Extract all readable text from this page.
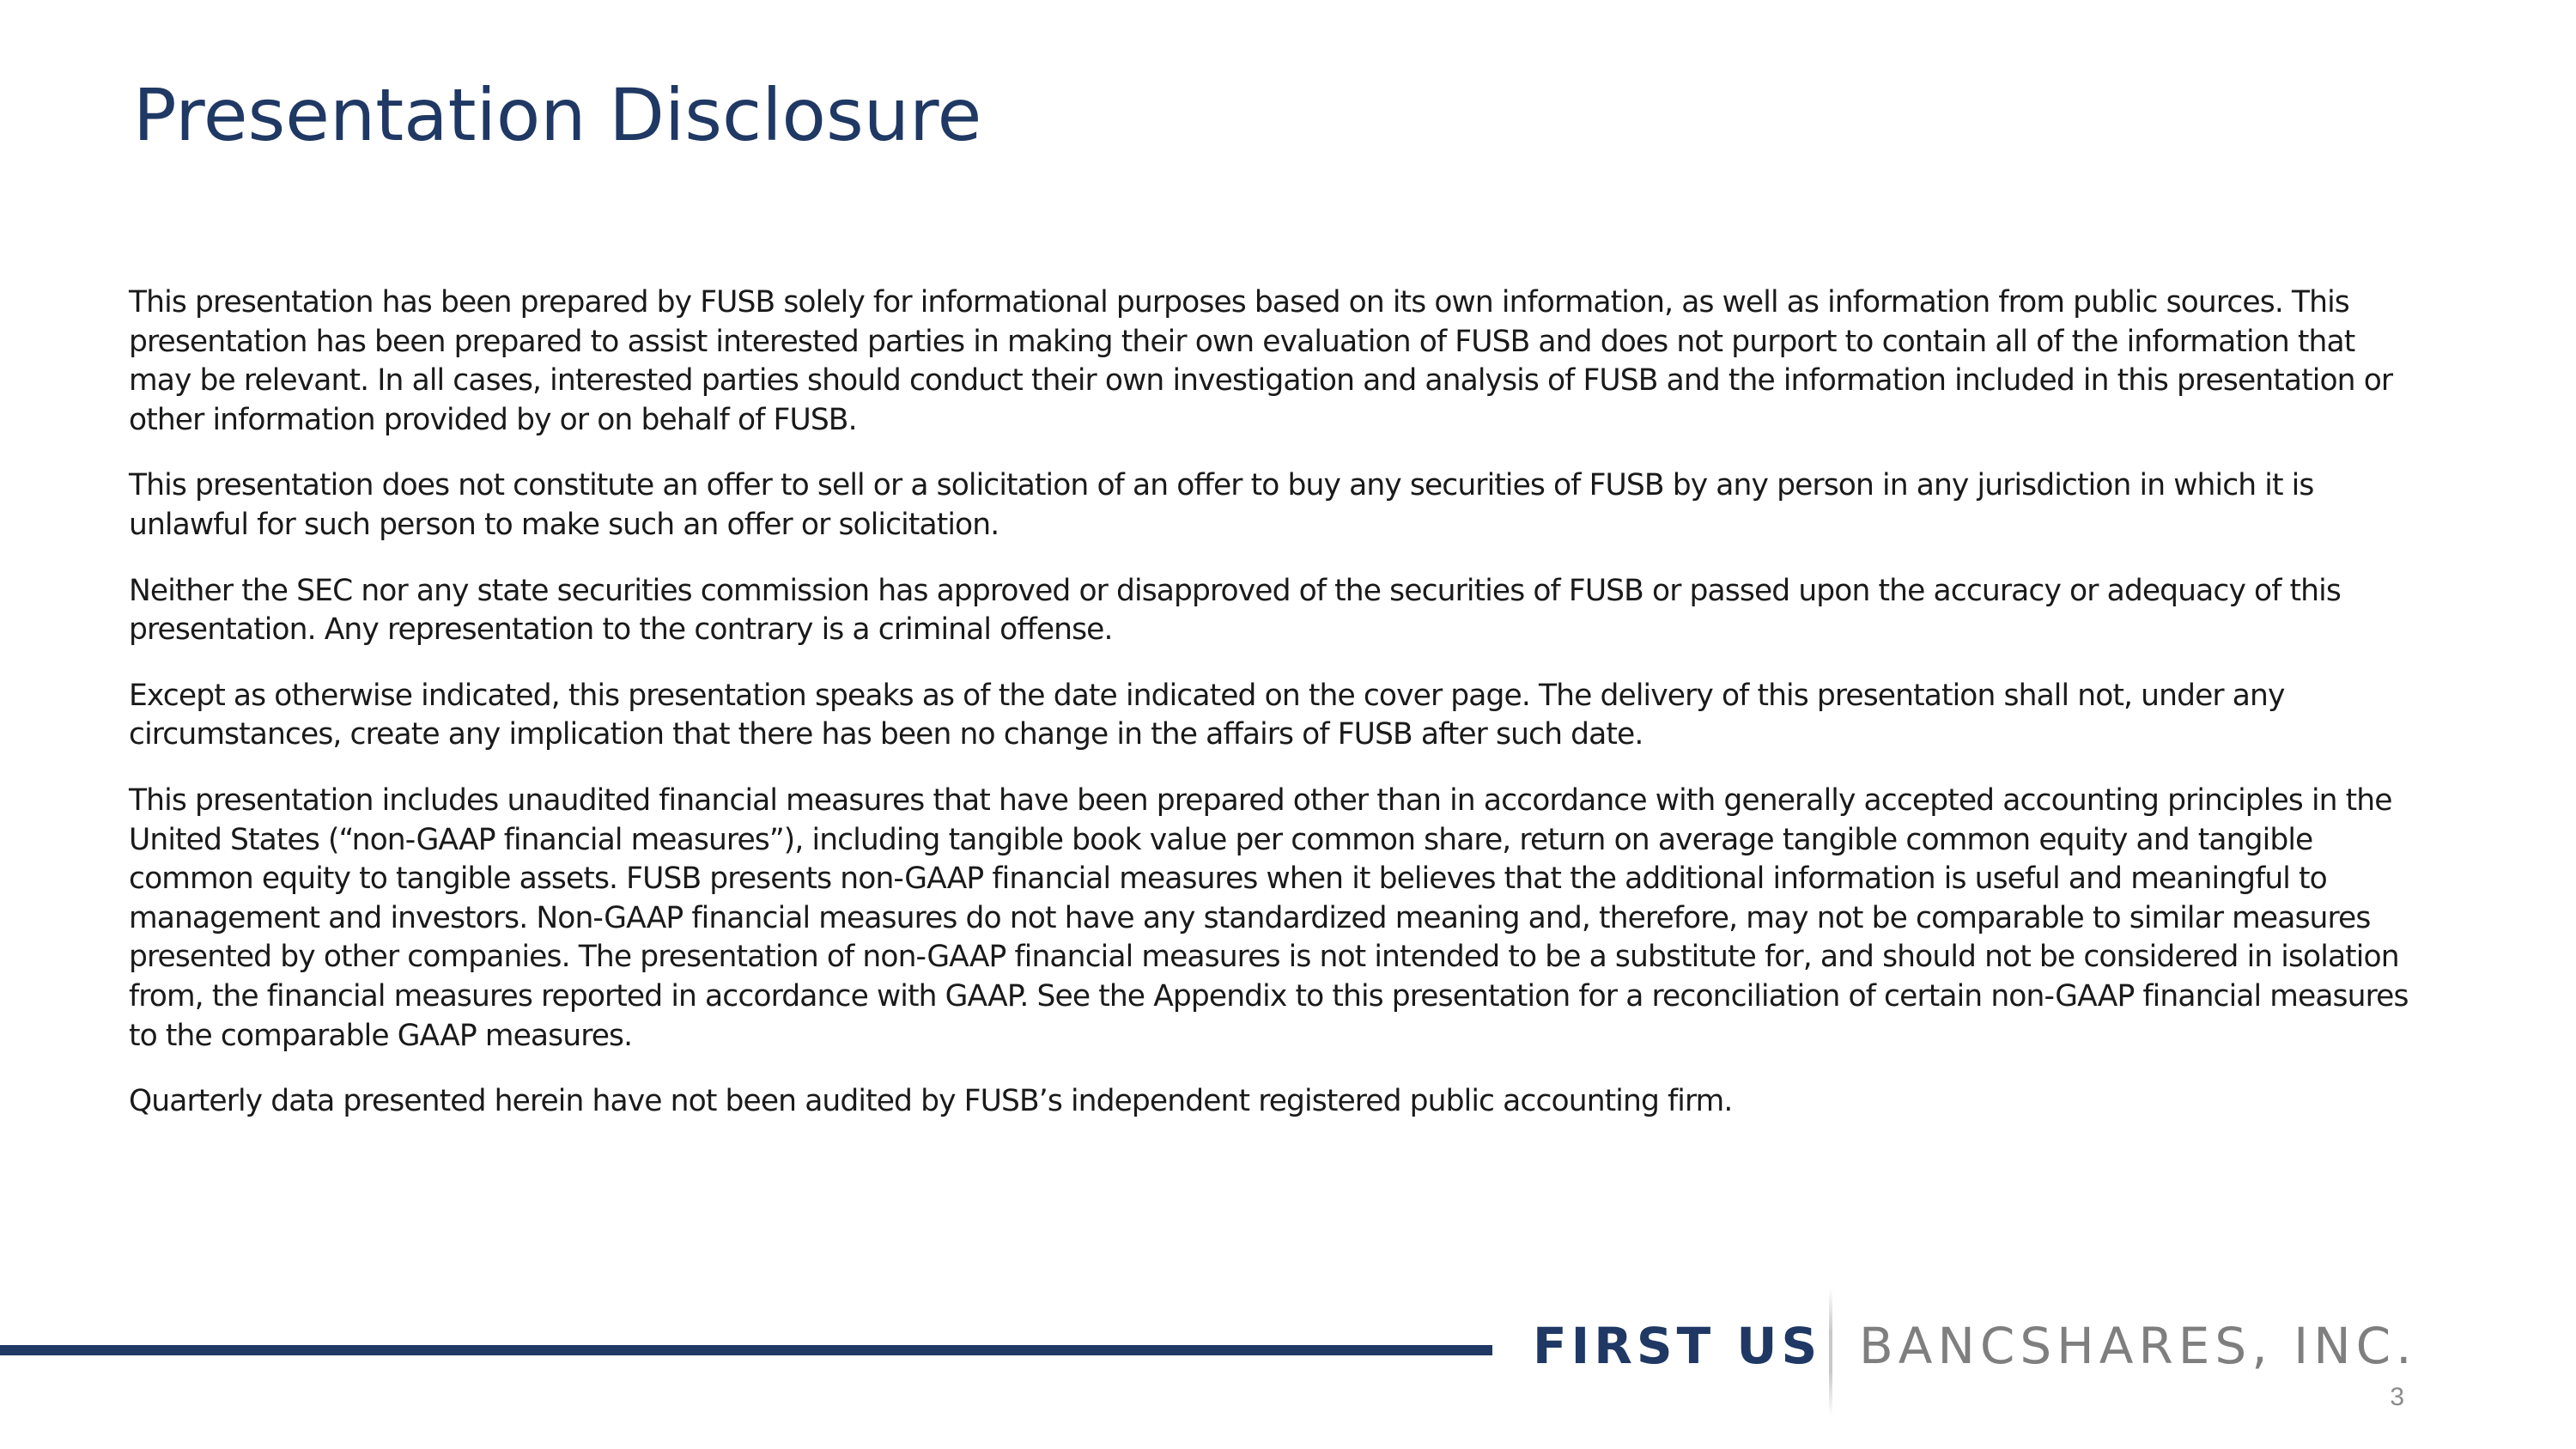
Presentation Disclosure

This presentation has been prepared by FUSB solely for informational purposes based on its own information, as well as information from public sources. This presentation has been prepared to assist interested parties in making their own evaluation of FUSB and does not purport to contain all of the information that may be relevant. In all cases, interested parties should conduct their own investigation and analysis of FUSB and the information included in this presentation or other information provided by or on behalf of FUSB.

This presentation does not constitute an offer to sell or a solicitation of an offer to buy any securities of FUSB by any person in any jurisdiction in which it is unlawful for such person to make such an offer or solicitation.

Neither the SEC nor any state securities commission has approved or disapproved of the securities of FUSB or passed upon the accuracy or adequacy of this presentation. Any representation to the contrary is a criminal offense.

Except as otherwise indicated, this presentation speaks as of the date indicated on the cover page. The delivery of this presentation shall not, under any circumstances, create any implication that there has been no change in the affairs of FUSB after such date.

This presentation includes unaudited financial measures that have been prepared other than in accordance with generally accepted accounting principles in the United States (“non-GAAP financial measures”), including tangible book value per common share, return on average tangible common equity and tangible common equity to tangible assets. FUSB presents non-GAAP financial measures when it believes that the additional information is useful and meaningful to management and investors. Non-GAAP financial measures do not have any standardized meaning and, therefore, may not be comparable to similar measures presented by other companies. The presentation of non-GAAP financial measures is not intended to be a substitute for, and should not be considered in isolation from, the financial measures reported in accordance with GAAP. See the Appendix to this presentation for a reconciliation of certain non-GAAP financial measures to the comparable GAAP measures.

Quarterly data presented herein have not been audited by FUSB’s independent registered public accounting firm.

FIRST US BANCSHARES, INC.
3
